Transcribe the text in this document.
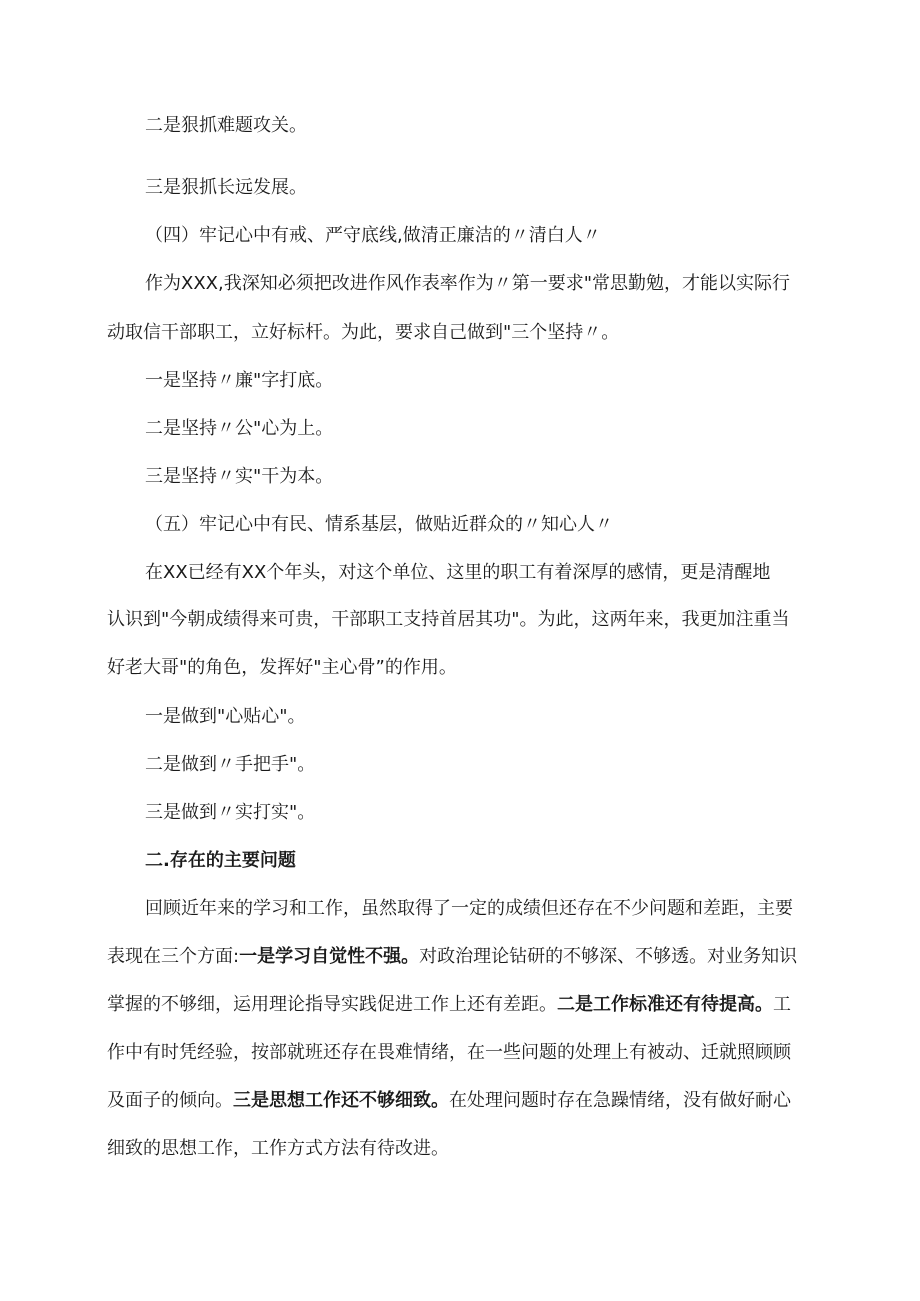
二是狠抓难题攻关。

三是狠抓长远发展。

（四）牢记心中有戒、严守底线,做清正廉洁的〃清白人〃

作为XXX,我深知必须把改进作风作表率作为〃第一要求"常思勤勉，才能以实际行

动取信干部职工，立好标杆。为此，要求自己做到"三个坚持〃。

一是坚持〃廉"字打底。

二是坚持〃公"心为上。

三是坚持〃实"干为本。

（五）牢记心中有民、情系基层，做贴近群众的〃知心人〃

在XX已经有XX个年头，对这个单位、这里的职工有着深厚的感情，更是清醒地

认识到"今朝成绩得来可贵，干部职工支持首居其功"。为此，这两年来，我更加注重当

好老大哥"的角色，发挥好"主心骨”的作用。

一是做到"心贴心"。

二是做到〃手把手"。

三是做到〃实打实"。

二.存在的主要问题

回顾近年来的学习和工作，虽然取得了一定的成绩但还存在不少问题和差距，主要

表现在三个方面:一是学习自觉性不强。对政治理论钻研的不够深、不够透。对业务知识

掌握的不够细，运用理论指导实践促进工作上还有差距。二是工作标准还有待提高。工

作中有时凭经验，按部就班还存在畏难情绪，在一些问题的处理上有被动、迁就照顾顾

及面子的倾向。三是思想工作还不够细致。在处理问题时存在急躁情绪，没有做好耐心

细致的思想工作，工作方式方法有待改进。
